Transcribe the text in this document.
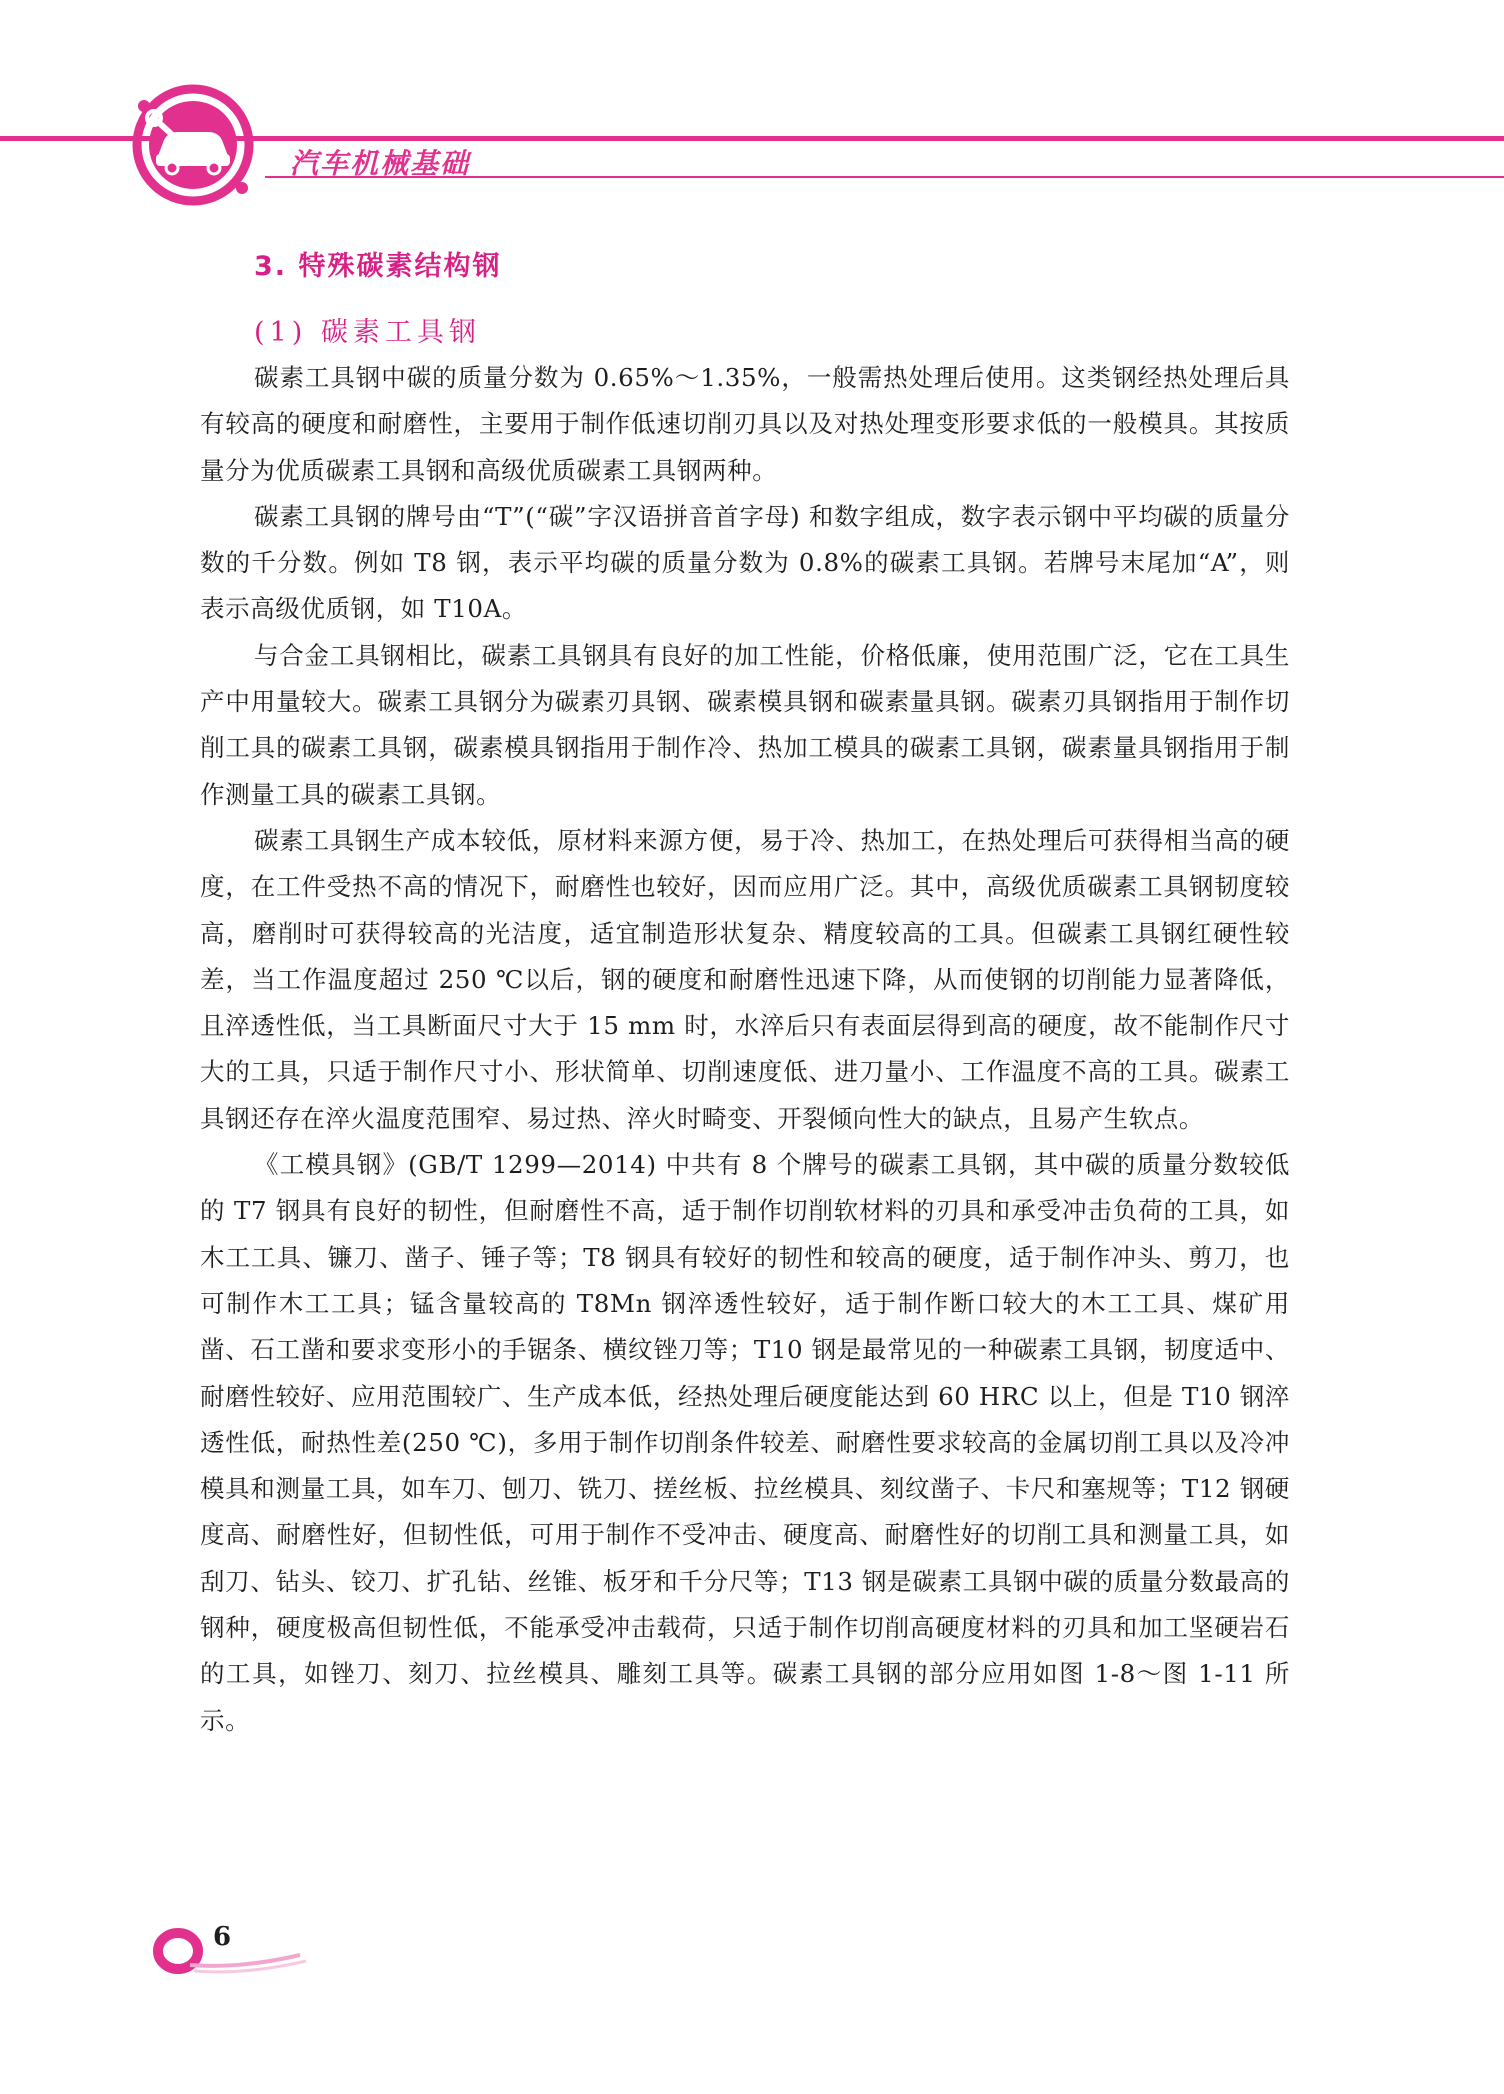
汽车机械基础
3. 特殊碳素结构钢
(1) 碳素工具钢

碳素工具钢中碳的质量分数为 0.65%～1.35%，一般需热处理后使用。这类钢经热处理后具有较高的硬度和耐磨性，主要用于制作低速切削刃具以及对热处理变形要求低的一般模具。其按质量分为优质碳素工具钢和高级优质碳素工具钢两种。

碳素工具钢的牌号由“T”(“碳”字汉语拼音首字母) 和数字组成，数字表示钢中平均碳的质量分数的千分数。例如 T8 钢，表示平均碳的质量分数为 0.8%的碳素工具钢。若牌号末尾加“A”，则表示高级优质钢，如 T10A。

与合金工具钢相比，碳素工具钢具有良好的加工性能，价格低廉，使用范围广泛，它在工具生产中用量较大。碳素工具钢分为碳素刃具钢、碳素模具钢和碳素量具钢。碳素刃具钢指用于制作切削工具的碳素工具钢，碳素模具钢指用于制作冷、热加工模具的碳素工具钢，碳素量具钢指用于制作测量工具的碳素工具钢。

碳素工具钢生产成本较低，原材料来源方便，易于冷、热加工，在热处理后可获得相当高的硬度，在工件受热不高的情况下，耐磨性也较好，因而应用广泛。其中，高级优质碳素工具钢韧度较高，磨削时可获得较高的光洁度，适宜制造形状复杂、精度较高的工具。但碳素工具钢红硬性较差，当工作温度超过 250 ℃以后，钢的硬度和耐磨性迅速下降，从而使钢的切削能力显著降低，且淬透性低，当工具断面尺寸大于 15 mm 时，水淬后只有表面层得到高的硬度，故不能制作尺寸大的工具，只适于制作尺寸小、形状简单、切削速度低、进刀量小、工作温度不高的工具。碳素工具钢还存在淬火温度范围窄、易过热、淬火时畸变、开裂倾向性大的缺点，且易产生软点。

《工模具钢》(GB/T 1299—2014) 中共有 8 个牌号的碳素工具钢，其中碳的质量分数较低的 T7 钢具有良好的韧性，但耐磨性不高，适于制作切削软材料的刃具和承受冲击负荷的工具，如木工工具、镰刀、凿子、锤子等；T8 钢具有较好的韧性和较高的硬度，适于制作冲头、剪刀，也可制作木工工具；锰含量较高的 T8Mn 钢淬透性较好，适于制作断口较大的木工工具、煤矿用凿、石工凿和要求变形小的手锯条、横纹锉刀等；T10 钢是最常见的一种碳素工具钢，韧度适中、耐磨性较好、应用范围较广、生产成本低，经热处理后硬度能达到 60 HRC 以上，但是 T10 钢淬透性低，耐热性差(250 ℃)，多用于制作切削条件较差、耐磨性要求较高的金属切削工具以及冷冲模具和测量工具，如车刀、刨刀、铣刀、搓丝板、拉丝模具、刻纹凿子、卡尺和塞规等；T12 钢硬度高、耐磨性好，但韧性低，可用于制作不受冲击、硬度高、耐磨性好的切削工具和测量工具，如刮刀、钻头、铰刀、扩孔钻、丝锥、板牙和千分尺等；T13 钢是碳素工具钢中碳的质量分数最高的钢种，硬度极高但韧性低，不能承受冲击载荷，只适于制作切削高硬度材料的刃具和加工坚硬岩石的工具，如锉刀、刻刀、拉丝模具、雕刻工具等。碳素工具钢的部分应用如图 1-8～图 1-11 所示。

6
